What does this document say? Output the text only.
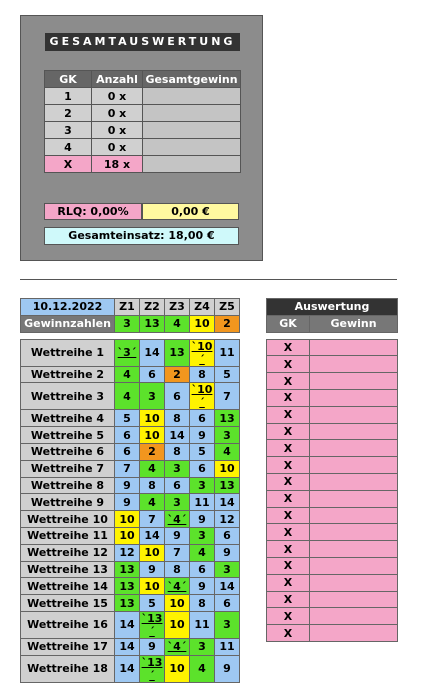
GESAMTAUSWERTUNG
GK	Anzahl	Gesamtgewinn
1	0 x	
2	0 x	
3	0 x	
4	0 x	
X	18 x	
RLQ: 0,00%	0,00 €
Gesamteinsatz: 18,00 €
10.12.2022	Z1	Z2	Z3	Z4	Z5
Gewinnzahlen	3	13	4	10	2

Wettreihe 1	`3´	14	13	`10´	11
Wettreihe 2	4	6	2	8	5
Wettreihe 3	4	3	6	`10´	7
Wettreihe 4	5	10	8	6	13
Wettreihe 5	6	10	14	9	3
Wettreihe 6	6	2	8	5	4
Wettreihe 7	7	4	3	6	10
Wettreihe 8	9	8	6	3	13
Wettreihe 9	9	4	3	11	14
Wettreihe 10	10	7	`4´	9	12
Wettreihe 11	10	14	9	3	6
Wettreihe 12	12	10	7	4	9
Wettreihe 13	13	9	8	6	3
Wettreihe 14	13	10	`4´	9	14
Wettreihe 15	13	5	10	8	6
Wettreihe 16	14	`13´	10	11	3
Wettreihe 17	14	9	`4´	3	11
Wettreihe 18	14	`13´	10	4	9
Auswertung	
GK	Gewinn

X	
X	
X	
X	
X	
X	
X	
X	
X	
X	
X	
X	
X	
X	
X	
X	
X	
X	
